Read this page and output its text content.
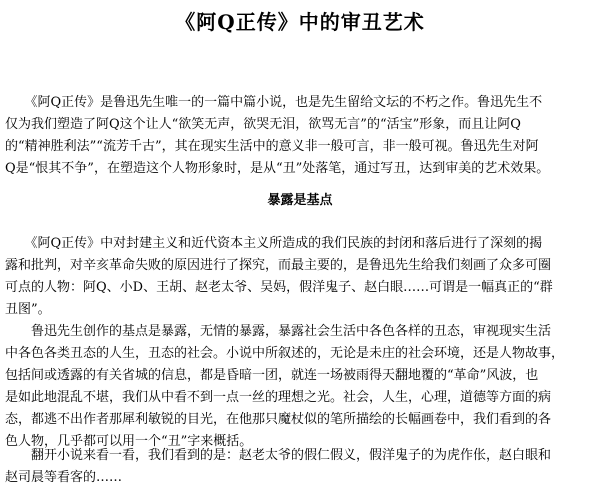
《阿Q正传》中的审丑艺术
　　《阿Q正传》是鲁迅先生唯一的一篇中篇小说，也是先生留给文坛的不朽之作。鲁迅先生不
仅为我们塑造了阿Q这个让人“欲笑无声，欲哭无泪，欲骂无言”的“活宝”形象，而且让阿Q
的“精神胜利法”“流芳千古”，其在现实生活中的意义非一般可言，非一般可视。鲁迅先生对阿
Q是“恨其不争”，在塑造这个人物形象时，是从“丑”处落笔，通过写丑，达到审美的艺术效果。
暴露是基点
　　《阿Q正传》中对封建主义和近代资本主义所造成的我们民族的封闭和落后进行了深刻的揭
露和批判，对辛亥革命失败的原因进行了探究，而最主要的，是鲁迅先生给我们刻画了众多可圈
可点的人物：阿Q、小D、王胡、赵老太爷、吴妈，假洋鬼子、赵白眼……可谓是一幅真正的“群
丑图”。
　　鲁迅先生创作的基点是暴露，无情的暴露，暴露社会生活中各色各样的丑态，审视现实生活
中各色各类丑态的人生，丑态的社会。小说中所叙述的，无论是未庄的社会环境，还是人物故事，
包括间或透露的有关省城的信息，都是昏暗一团，就连一场被雨得天翻地覆的“革命”风波，也
是如此地混乱不堪，我们从中看不到一点一丝的理想之光。社会，人生，心理，道德等方面的病
态，都逃不出作者那犀利敏锐的目光，在他那只魔杖似的笔所描绘的长幅画卷中，我们看到的各
色人物，几乎都可以用一个“丑”字来概括。
　　翻开小说来看一看，我们看到的是：赵老太爷的假仁假义，假洋鬼子的为虎作伥，赵白眼和
赵司晨等看客的……
